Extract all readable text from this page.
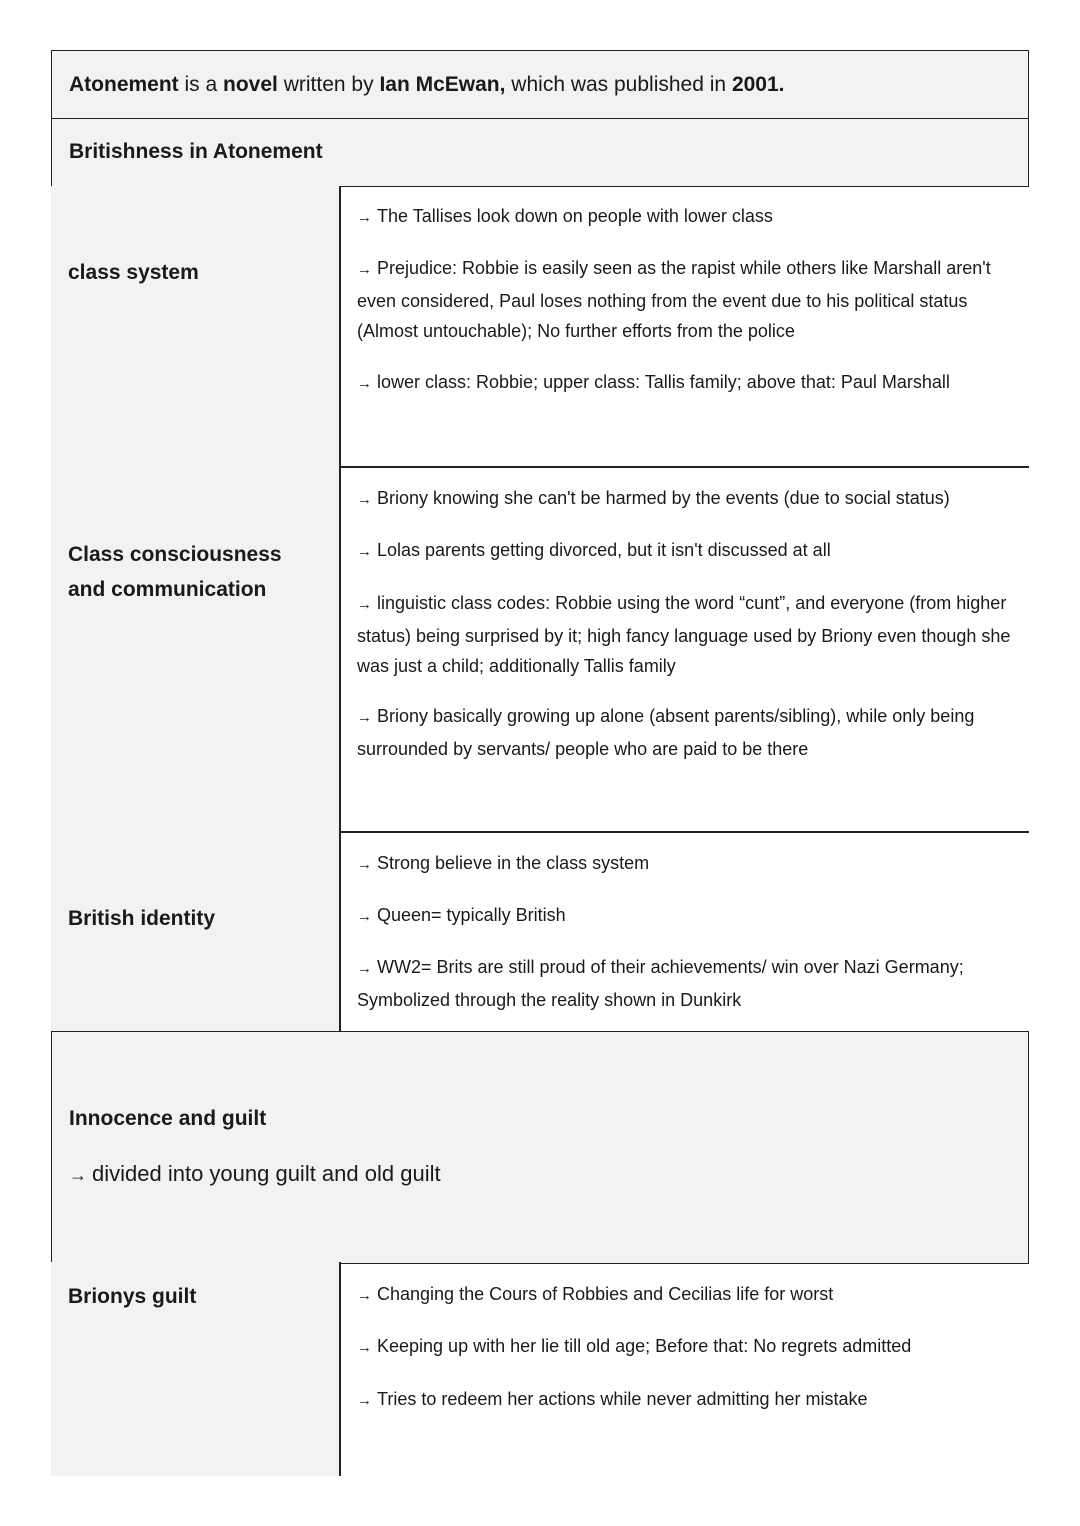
Atonement is a novel written by Ian McEwan, which was published in 2001.
Britishness in Atonement
class system

→ The Tallises look down on people with lower class

→ Prejudice: Robbie is easily seen as the rapist while others like Marshall aren't even considered, Paul loses nothing from the event due to his political status (Almost untouchable); No further efforts from the police

→ lower class: Robbie; upper class: Tallis family; above that: Paul Marshall

Class consciousness and communication

→ Briony knowing she can't be harmed by the events (due to social status)

→ Lolas parents getting divorced, but it isn't discussed at all

→ linguistic class codes: Robbie using the word “cunt”, and everyone (from higher status) being surprised by it; high fancy language used by Briony even though she was just a child; additionally Tallis family

→ Briony basically growing up alone (absent parents/sibling), while only being surrounded by servants/ people who are paid to be there

British identity

→ Strong believe in the class system

→ Queen= typically British

→ WW2= Brits are still proud of their achievements/ win over Nazi Germany; Symbolized through the reality shown in Dunkirk

Innocence and guilt
→ divided into young guilt and old guilt
Brionys guilt	→ Changing the Cours of Robbies and Cecilias life for worst

→ Keeping up with her lie till old age; Before that: No regrets admitted

→ Tries to redeem her actions while never admitting her mistake
